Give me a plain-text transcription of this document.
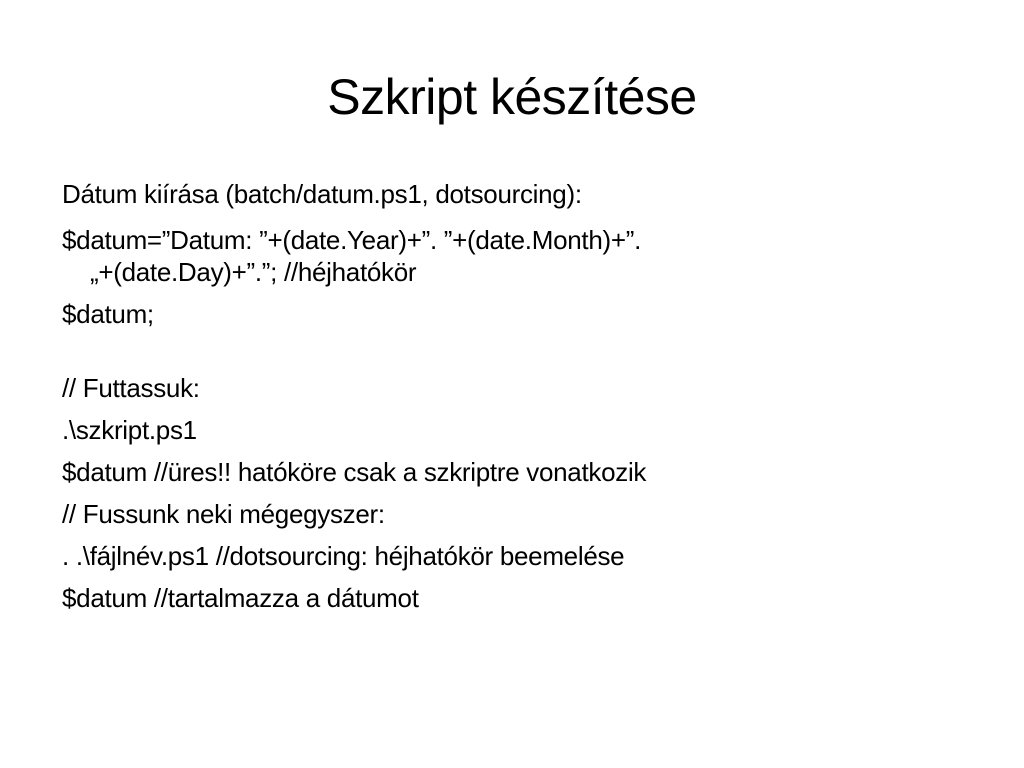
Szkript készítése
Dátum kiírása (batch/datum.ps1, dotsourcing):
$datum=”Datum: ”+(date.Year)+”. ”+(date.Month)+”.
„+(date.Day)+”.”; //héjhatókör
$datum;
// Futtassuk:
.\szkript.ps1
$datum //üres!! hatóköre csak a szkriptre vonatkozik
// Fussunk neki mégegyszer:
. .\fájlnév.ps1 //dotsourcing: héjhatókör beemelése
$datum //tartalmazza a dátumot
